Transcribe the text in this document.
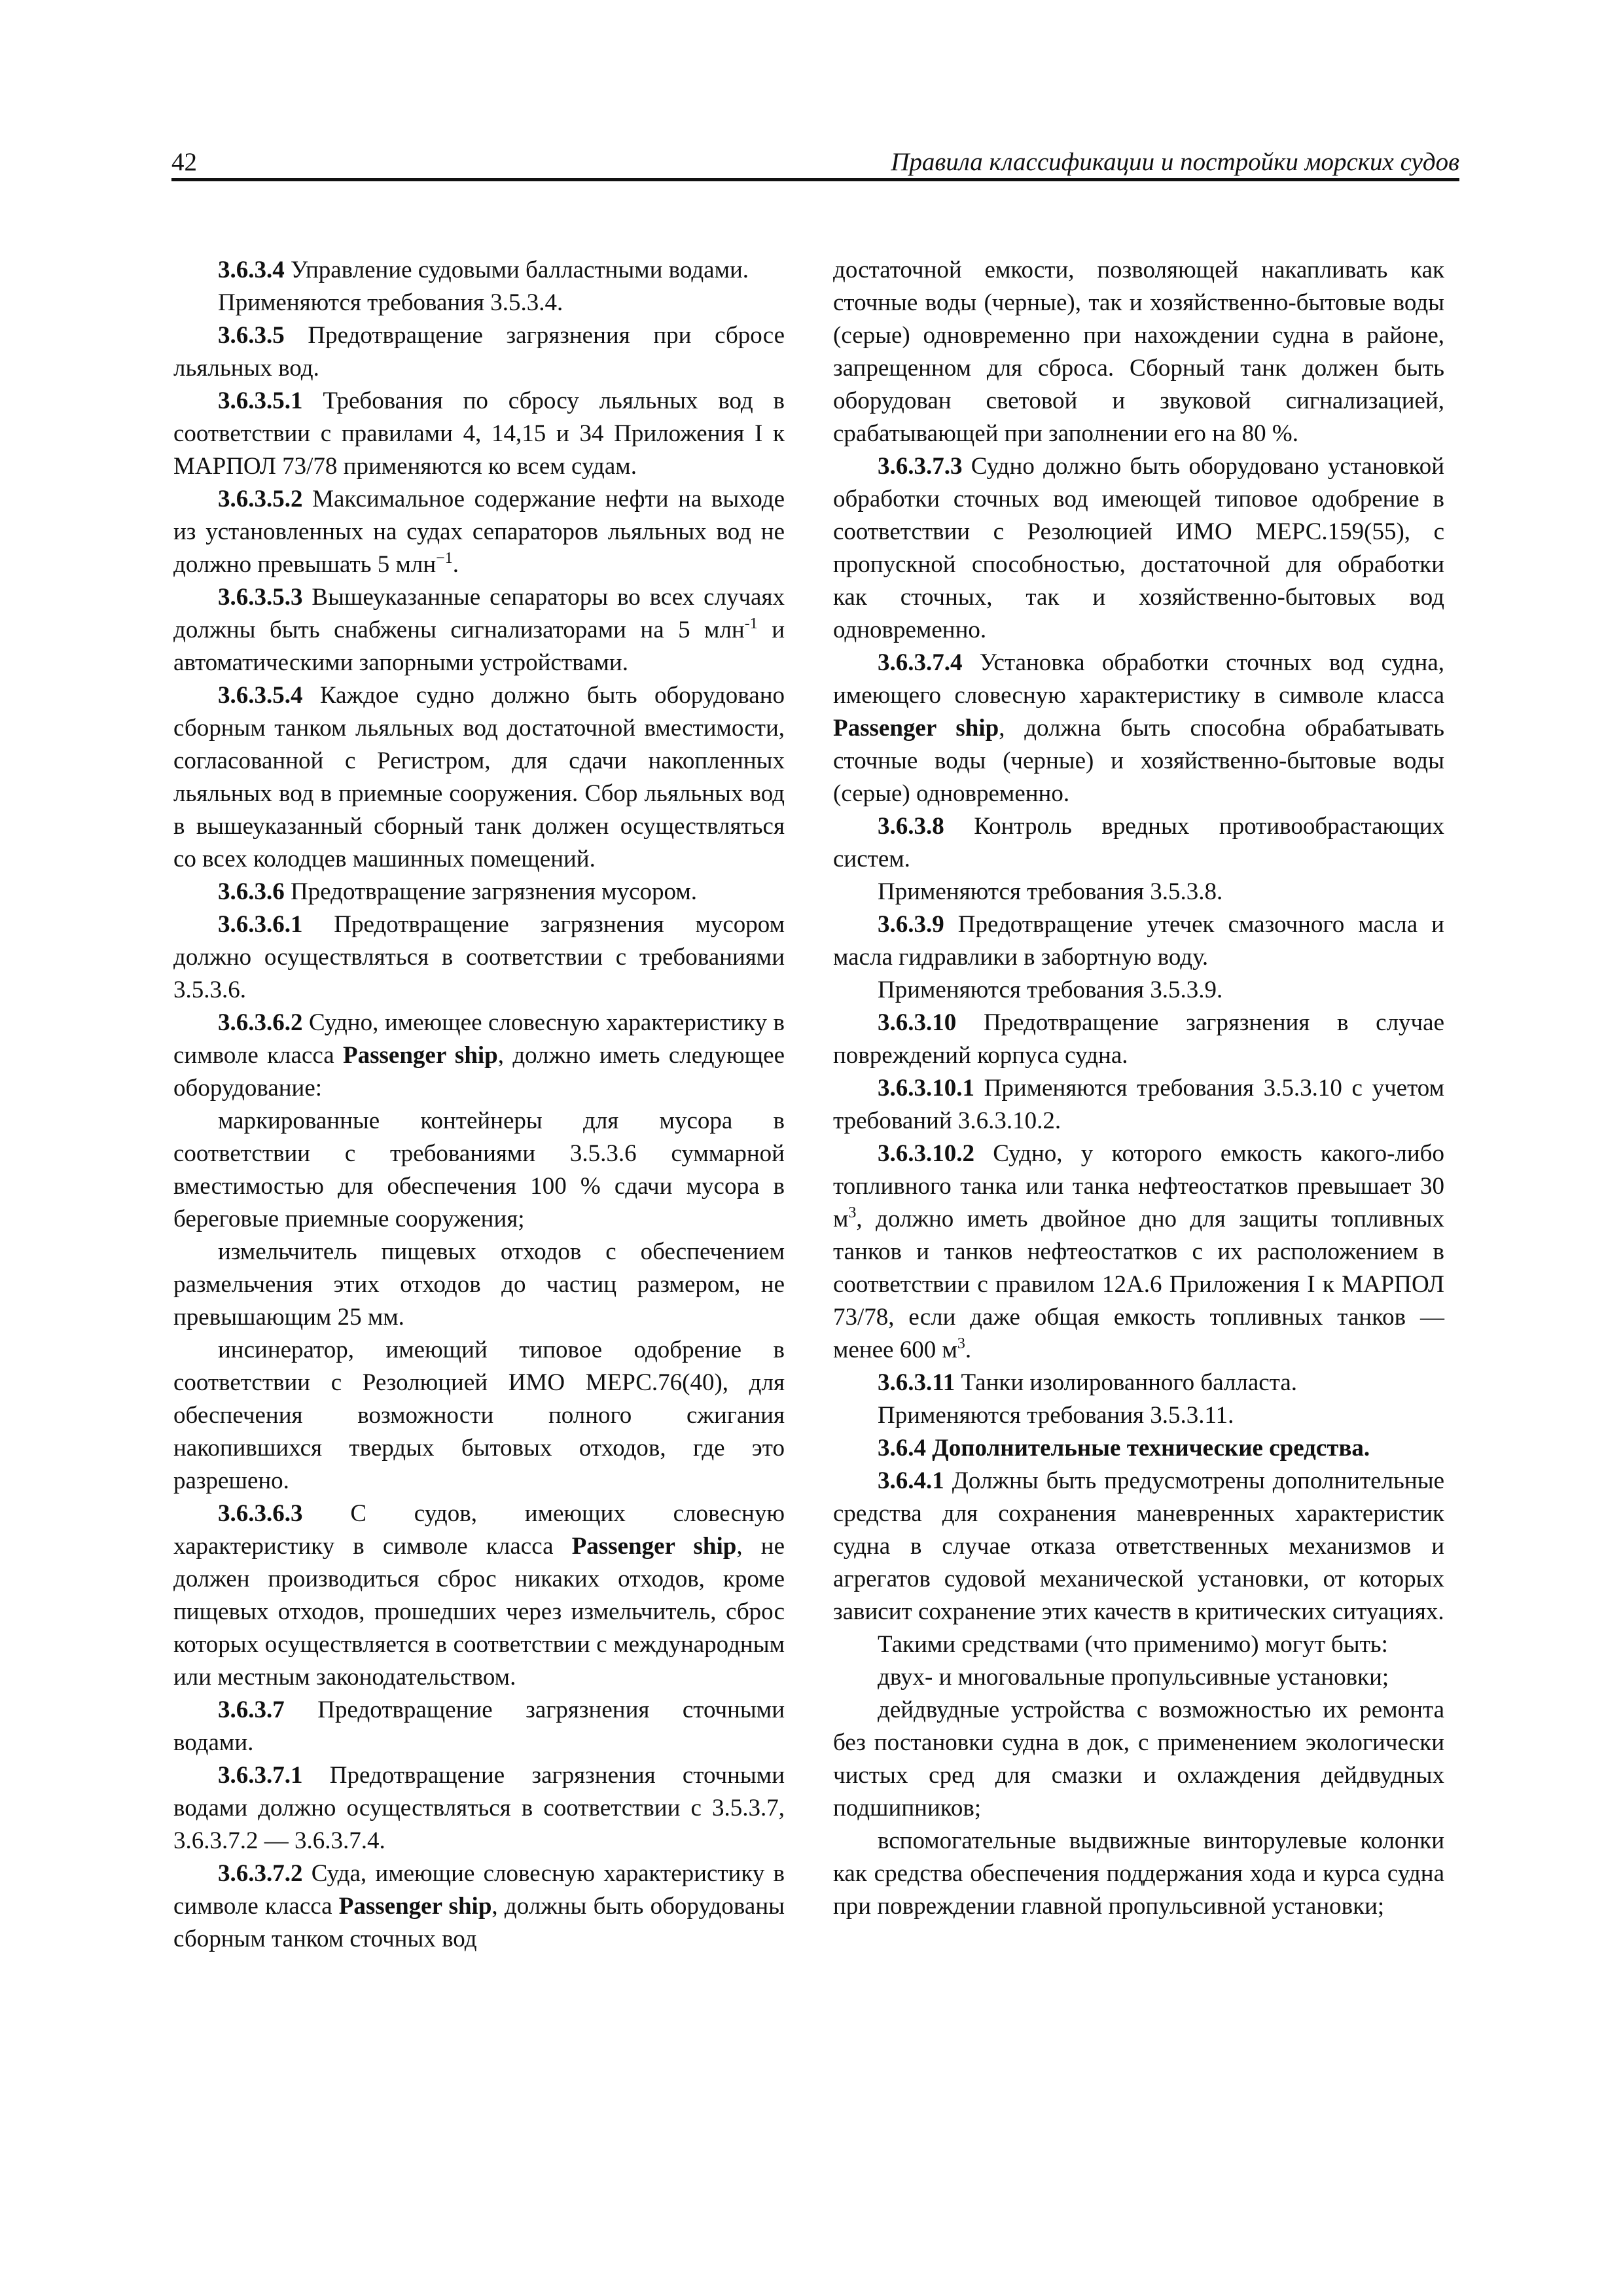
42	Правила классификации и постройки морских судов

3.6.3.4 Управление судовыми балластными водами.

Применяются требования 3.5.3.4.

3.6.3.5 Предотвращение загрязнения при сбросе льяльных вод.

3.6.3.5.1 Требования по сбросу льяльных вод в соответствии с правилами 4, 14,15 и 34 Приложения I к МАРПОЛ 73/78 применяются ко всем судам.

3.6.3.5.2 Максимальное содержание нефти на выходе из установленных на судах сепараторов льяльных вод не должно превышать 5 млн$^{-1}$.

3.6.3.5.3 Вышеуказанные сепараторы во всех случаях должны быть снабжены сигнализаторами на 5 млн$^{-1}$ и автоматическими запорными устройствами.

3.6.3.5.4 Каждое судно должно быть оборудовано сборным танком льяльных вод достаточной вместимости, согласованной с Регистром, для сдачи накопленных льяльных вод в приемные сооружения. Сбор льяльных вод в вышеуказанный сборный танк должен осуществляться со всех колодцев машинных помещений.

3.6.3.6 Предотвращение загрязнения мусором.

3.6.3.6.1 Предотвращение загрязнения мусором должно осуществляться в соответствии с требованиями 3.5.3.6.

3.6.3.6.2 Судно, имеющее словесную характеристику в символе класса Passenger ship, должно иметь следующее оборудование:

маркированные контейнеры для мусора в соответствии с требованиями 3.5.3.6 суммарной вместимостью для обеспечения 100 % сдачи мусора в береговые приемные сооружения;

измельчитель пищевых отходов с обеспечением размельчения этих отходов до частиц размером, не превышающим 25 мм.

инсинератор, имеющий типовое одобрение в соответствии с Резолюцией ИМО МЕРС.76(40), для обеспечения возможности полного сжигания накопившихся твердых бытовых отходов, где это разрешено.

3.6.3.6.3 С судов, имеющих словесную характеристику в символе класса Passenger ship, не должен производиться сброс никаких отходов, кроме пищевых отходов, прошедших через измельчитель, сброс которых осуществляется в соответствии с международным или местным законодательством.

3.6.3.7 Предотвращение загрязнения сточными водами.

3.6.3.7.1 Предотвращение загрязнения сточными водами должно осуществляться в соответствии с 3.5.3.7, 3.6.3.7.2 — 3.6.3.7.4.

3.6.3.7.2 Суда, имеющие словесную характеристику в символе класса Passenger ship, должны быть оборудованы сборным танком сточных вод

достаточной емкости, позволяющей накапливать как сточные воды (черные), так и хозяйственно-бытовые воды (серые) одновременно при нахождении судна в районе, запрещенном для сброса. Сборный танк должен быть оборудован световой и звуковой сигнализацией, срабатывающей при заполнении его на 80 %.

3.6.3.7.3 Судно должно быть оборудовано установкой обработки сточных вод имеющей типовое одобрение в соответствии с Резолюцией ИМО МЕРС.159(55), с пропускной способностью, достаточной для обработки как сточных, так и хозяйственно-бытовых вод одновременно.

3.6.3.7.4 Установка обработки сточных вод судна, имеющего словесную характеристику в символе класса Passenger ship, должна быть способна обрабатывать сточные воды (черные) и хозяйственно-бытовые воды (серые) одновременно.

3.6.3.8 Контроль вредных противообрастающих систем.

Применяются требования 3.5.3.8.

3.6.3.9 Предотвращение утечек смазочного масла и масла гидравлики в забортную воду.

Применяются требования 3.5.3.9.

3.6.3.10 Предотвращение загрязнения в случае повреждений корпуса судна.

3.6.3.10.1 Применяются требования 3.5.3.10 с учетом требований 3.6.3.10.2.

3.6.3.10.2 Судно, у которого емкость какого-либо топливного танка или танка нефтеостатков превышает 30 $м^3$, должно иметь двойное дно для защиты топливных танков и танков нефтеостатков с их расположением в соответствии с правилом 12А.6 Приложения I к МАРПОЛ 73/78, если даже общая емкость топливных танков — менее 600 $м^3$.

3.6.3.11 Танки изолированного балласта.

Применяются требования 3.5.3.11.

3.6.4 Дополнительные технические средства.

3.6.4.1 Должны быть предусмотрены дополнительные средства для сохранения маневренных характеристик судна в случае отказа ответственных механизмов и агрегатов судовой механической установки, от которых зависит сохранение этих качеств в критических ситуациях.

Такими средствами (что применимо) могут быть:

двух- и многовальные пропульсивные установки;

дейдвудные устройства с возможностью их ремонта без постановки судна в док, с применением экологически чистых сред для смазки и охлаждения дейдвудных подшипников;

вспомогательные выдвижные винторулевые колонки как средства обеспечения поддержания хода и курса судна при повреждении главной пропульсивной установки;
